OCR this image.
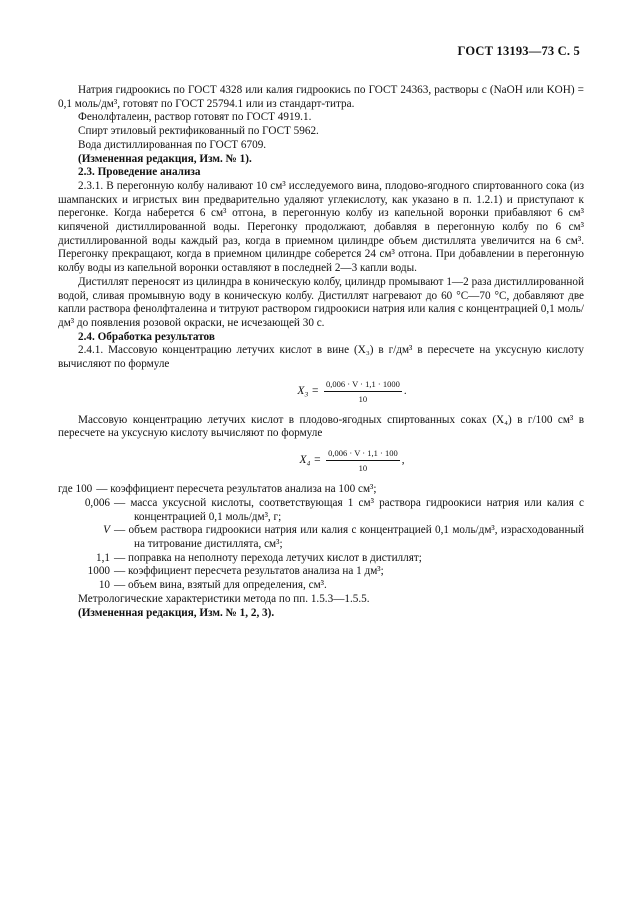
ГОСТ 13193—73 С. 5

Натрия гидроокись по ГОСТ 4328 или калия гидроокись по ГОСТ 24363, растворы c (NaOH или KOH) = 0,1 моль/дм³, готовят по ГОСТ 25794.1 или из стандарт-титра.

Фенолфталеин, раствор готовят по ГОСТ 4919.1.

Спирт этиловый ректификованный по ГОСТ 5962.

Вода дистиллированная по ГОСТ 6709.

(Измененная редакция, Изм. № 1).

2.3. Проведение анализа

2.3.1. В перегонную колбу наливают 10 см³ исследуемого вина, плодово-ягодного спиртованного сока (из шампанских и игристых вин предварительно удаляют углекислоту, как указано в п. 1.2.1) и приступают к перегонке. Когда наберется 6 см³ отгона, в перегонную колбу из капельной воронки прибавляют 6 см³ кипяченой дистиллированной воды. Перегонку продолжают, добавляя в перегонную колбу по 6 см³ дистиллированной воды каждый раз, когда в приемном цилиндре объем дистиллята увеличится на 6 см³. Перегонку прекращают, когда в приемном цилиндре соберется 24 см³ отгона. При добавлении в перегонную колбу воды из капельной воронки оставляют в последней 2—3 капли воды.

Дистиллят переносят из цилиндра в коническую колбу, цилиндр промывают 1—2 раза дистиллированной водой, сливая промывную воду в коническую колбу. Дистиллят нагревают до 60 °C—70 °C, добавляют две капли раствора фенолфталеина и титруют раствором гидроокиси натрия или калия с концентрацией 0,1 моль/дм³ до появления розовой окраски, не исчезающей 30 с.

2.4. Обработка результатов

2.4.1. Массовую концентрацию летучих кислот в вине (X₃) в г/дм³ в пересчете на уксусную кислоту вычисляют по формуле

$X_3 = \frac{0,006 \cdot V \cdot 1,1 \cdot 1000}{10}$ .

Массовую концентрацию летучих кислот в плодово-ягодных спиртованных соках (X₄) в г/100 см³ в пересчете на уксусную кислоту вычисляют по формуле

$X_4 = \frac{0,006 \cdot V \cdot 1,1 \cdot 100}{10}$ ,
где 100 — коэффициент пересчета результатов анализа на 100 см³;
0,006 — масса уксусной кислоты, соответствующая 1 см³ раствора гидроокиси натрия или калия с концентрацией 0,1 моль/дм³, г;
V — объем раствора гидроокиси натрия или калия с концентрацией 0,1 моль/дм³, израсходованный на титрование дистиллята, см³;
1,1 — поправка на неполноту перехода летучих кислот в дистиллят;
1000 — коэффициент пересчета результатов анализа на 1 дм³;
10 — объем вина, взятый для определения, см³.

Метрологические характеристики метода по пп. 1.5.3—1.5.5.

(Измененная редакция, Изм. № 1, 2, 3).
